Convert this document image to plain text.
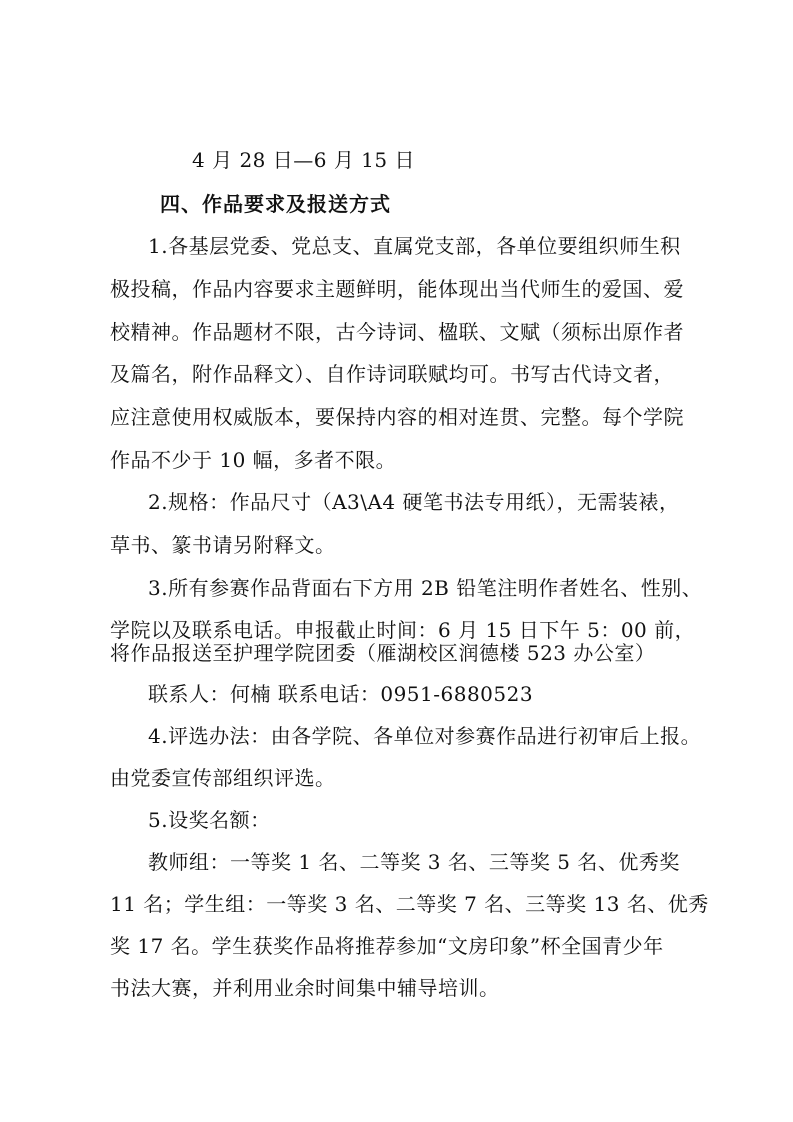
4 月 28 日—6 月 15 日
四、作品要求及报送方式
1.各基层党委、党总支、直属党支部，各单位要组织师生积
极投稿，作品内容要求主题鲜明，能体现出当代师生的爱国、爱
校精神。作品题材不限，古今诗词、楹联、文赋（须标出原作者
及篇名，附作品释文）、自作诗词联赋均可。书写古代诗文者，
应注意使用权威版本，要保持内容的相对连贯、完整。每个学院
作品不少于 10 幅，多者不限。
2.规格：作品尺寸（A3\A4 硬笔书法专用纸），无需装裱，
草书、篆书请另附释文。
3.所有参赛作品背面右下方用 2B 铅笔注明作者姓名、性别、
学院以及联系电话。申报截止时间：6 月 15 日下午 5：00 前，
将作品报送至护理学院团委（雁湖校区润德楼 523 办公室）
联系人：何楠 联系电话：0951-6880523
4.评选办法：由各学院、各单位对参赛作品进行初审后上报。
由党委宣传部组织评选。
5.设奖名额：
教师组：一等奖 1 名、二等奖 3 名、三等奖 5 名、优秀奖
11 名；学生组：一等奖 3 名、二等奖 7 名、三等奖 13 名、优秀
奖 17 名。学生获奖作品将推荐参加“文房印象”杯全国青少年
书法大赛，并利用业余时间集中辅导培训。
